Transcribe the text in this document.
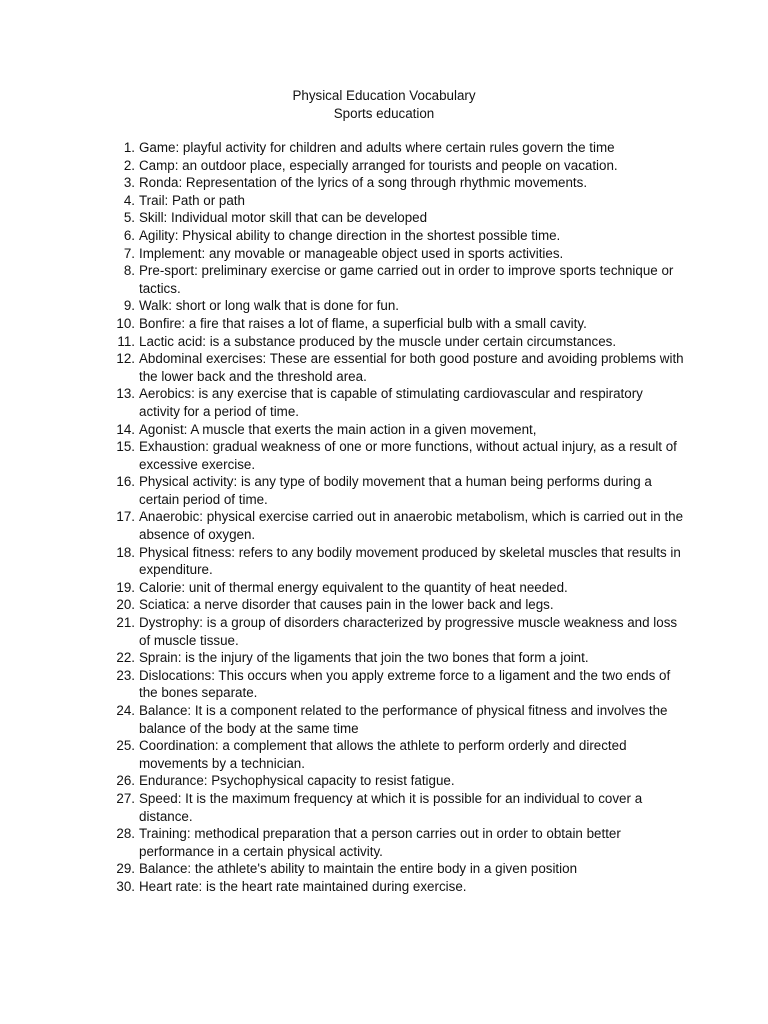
Physical Education Vocabulary
Sports education
1. Game: playful activity for children and adults where certain rules govern the time
2. Camp: an outdoor place, especially arranged for tourists and people on vacation.
3. Ronda: Representation of the lyrics of a song through rhythmic movements.
4. Trail: Path or path
5. Skill: Individual motor skill that can be developed
6. Agility: Physical ability to change direction in the shortest possible time.
7. Implement: any movable or manageable object used in sports activities.
8. Pre-sport: preliminary exercise or game carried out in order to improve sports technique or tactics.
9. Walk: short or long walk that is done for fun.
10. Bonfire: a fire that raises a lot of flame, a superficial bulb with a small cavity.
11. Lactic acid: is a substance produced by the muscle under certain circumstances.
12. Abdominal exercises: These are essential for both good posture and avoiding problems with the lower back and the threshold area.
13. Aerobics: is any exercise that is capable of stimulating cardiovascular and respiratory activity for a period of time.
14. Agonist: A muscle that exerts the main action in a given movement,
15. Exhaustion: gradual weakness of one or more functions, without actual injury, as a result of excessive exercise.
16. Physical activity: is any type of bodily movement that a human being performs during a certain period of time.
17. Anaerobic: physical exercise carried out in anaerobic metabolism, which is carried out in the absence of oxygen.
18. Physical fitness: refers to any bodily movement produced by skeletal muscles that results in expenditure.
19. Calorie: unit of thermal energy equivalent to the quantity of heat needed.
20. Sciatica: a nerve disorder that causes pain in the lower back and legs.
21. Dystrophy: is a group of disorders characterized by progressive muscle weakness and loss of muscle tissue.
22. Sprain: is the injury of the ligaments that join the two bones that form a joint.
23. Dislocations: This occurs when you apply extreme force to a ligament and the two ends of the bones separate.
24. Balance: It is a component related to the performance of physical fitness and involves the balance of the body at the same time
25. Coordination: a complement that allows the athlete to perform orderly and directed movements by a technician.
26. Endurance: Psychophysical capacity to resist fatigue.
27. Speed: It is the maximum frequency at which it is possible for an individual to cover a distance.
28. Training: methodical preparation that a person carries out in order to obtain better performance in a certain physical activity.
29. Balance: the athlete's ability to maintain the entire body in a given position
30. Heart rate: is the heart rate maintained during exercise.
